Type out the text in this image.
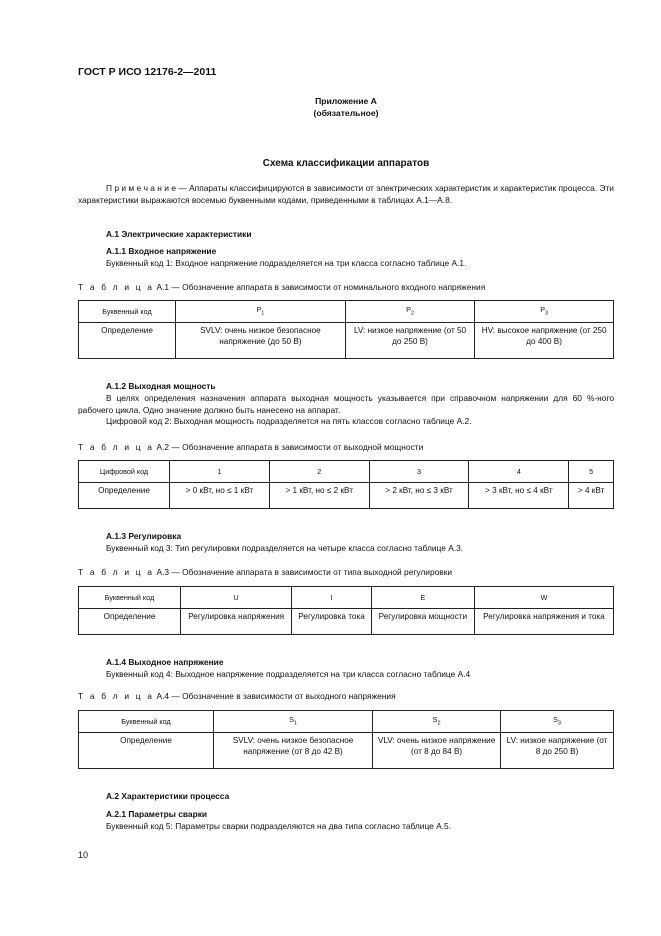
ГОСТ Р ИСО 12176-2—2011
Приложение А
(обязательное)
Схема классификации аппаратов
П р и м е ч а н и е — Аппараты классифицируются в зависимости от электрических характеристик и характеристик процесса. Эти характеристики выражаются восемью буквенными кодами, приведенными в таблицах А.1—А.8.
А.1 Электрические характеристики
А.1.1 Входное напряжение
Буквенный код 1: Входное напряжение подразделяется на три класса согласно таблице А.1.
Т а б л и ц а А.1 — Обозначение аппарата в зависимости от номинального входного напряжения
Буквенный код	$P_1$	$P_2$	$P_3$
Определение	SVLV: очень низкое безопасное напряжение (до 50 В)	LV: низкое напряжение (от 50 до 250 В)	HV: высокое напряжение (от 250 до 400 В)
А.1.2 Выходная мощность
В целях определения назначения аппарата выходная мощность указывается при справочном напряжении для 60 %-ного рабочего цикла. Одно значение должно быть нанесено на аппарат.
Цифровой код 2: Выходная мощность подразделяется на пять классов согласно таблице А.2.
Т а б л и ц а А.2 — Обозначение аппарата в зависимости от выходной мощности
Цифровой код	1	2	3	4	5
Определение	> 0 кВт, но ≤ 1 кВт	> 1 кВт, но ≤ 2 кВт	> 2 кВт, но ≤ 3 кВт	> 3 кВт, но ≤ 4 кВт	> 4 кВт
А.1.3 Регулировка
Буквенный код 3: Тип регулировки подразделяется на четыре класса согласно таблице А.3.
Т а б л и ц а А.3 — Обозначение аппарата в зависимости от типа выходной регулировки
Буквенный код	U	I	E	W
Определение	Регулировка напряжения	Регулировка тока	Регулировка мощности	Регулировка напряжения и тока
А.1.4 Выходное напряжение
Буквенный код 4: Выходное напряжение подразделяется на три класса согласно таблице А.4
Т а б л и ц а А.4 — Обозначение в зависимости от выходного напряжения
Буквенный код	$S_1$	$S_2$	$S_3$
Определение	SVLV: очень низкое безопасное напряжение (от 8 до 42 В)	VLV: очень низкое напряжение (от 8 до 84 В)	LV: низкое напряжение (от 8 до 250 В)
А.2 Характеристики процесса
А.2.1 Параметры сварки
Буквенный код 5: Параметры сварки подразделяются на два типа согласно таблице А.5.
10
